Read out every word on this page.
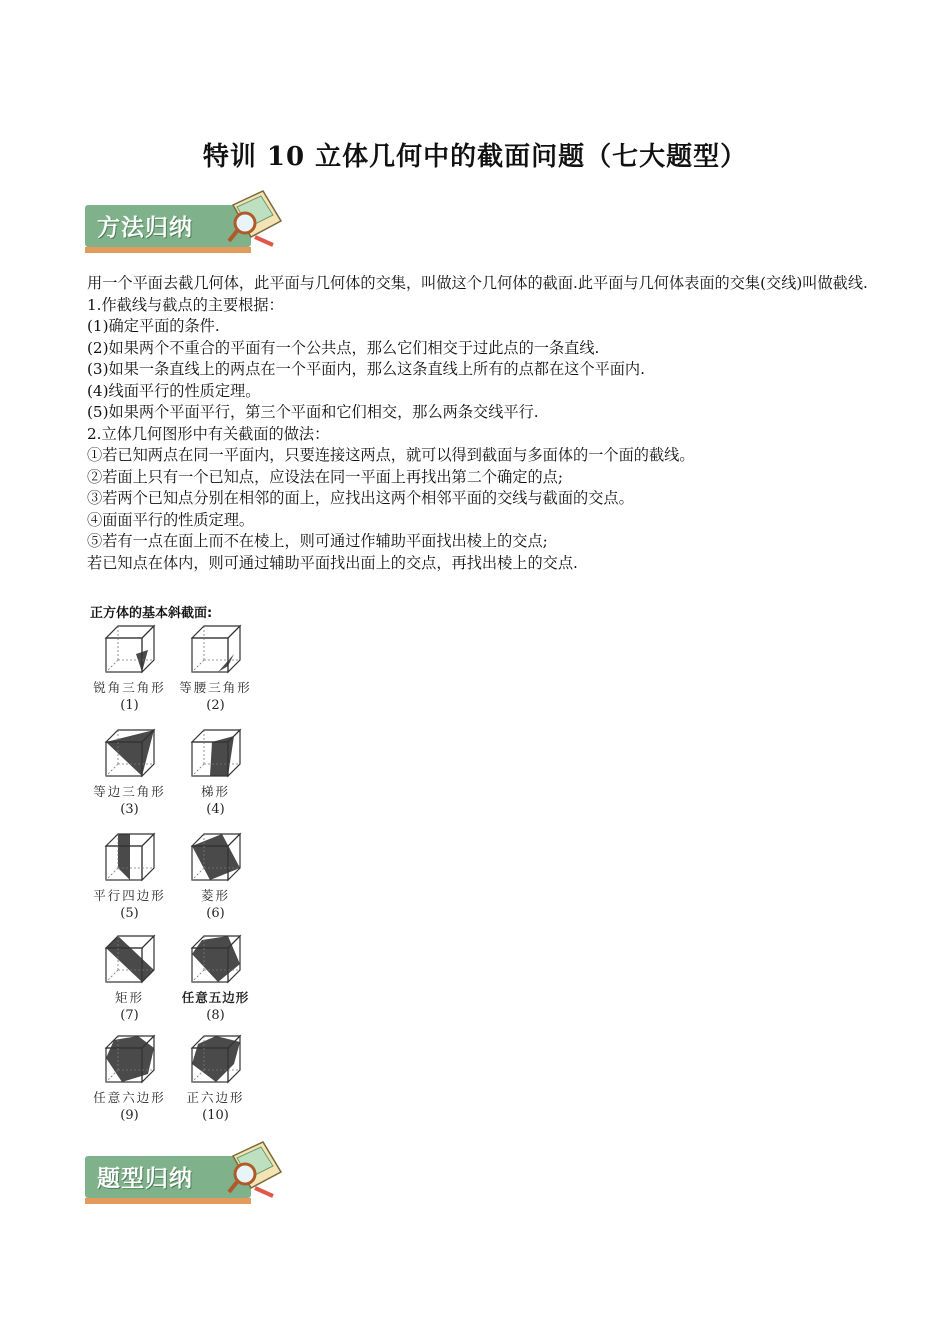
特训 10 立体几何中的截面问题（七大题型）
方法归纳

用一个平面去截几何体，此平面与几何体的交集，叫做这个几何体的截面.此平面与几何体表面的交集(交线)叫做截线.

1.作截线与截点的主要根据：

(1)确定平面的条件.

(2)如果两个不重合的平面有一个公共点，那么它们相交于过此点的一条直线.

(3)如果一条直线上的两点在一个平面内，那么这条直线上所有的点都在这个平面内.

(4)线面平行的性质定理。

(5)如果两个平面平行，第三个平面和它们相交，那么两条交线平行.

2.立体几何图形中有关截面的做法：

①若已知两点在同一平面内，只要连接这两点，就可以得到截面与多面体的一个面的截线。

②若面上只有一个已知点，应设法在同一平面上再找出第二个确定的点;

③若两个已知点分别在相邻的面上，应找出这两个相邻平面的交线与截面的交点。

④面面平行的性质定理。

⑤若有一点在面上而不在棱上，则可通过作辅助平面找出棱上的交点;

若已知点在体内，则可通过辅助平面找出面上的交点，再找出棱上的交点.

正方体的基本斜截面:
锐角三角形
(1)
等腰三角形
(2)
等边三角形
(3)
梯形
(4)
平行四边形
(5)
菱形
(6)
矩形
(7)
任意五边形
(8)
任意六边形
(9)
正六边形
(10)
题型归纳
